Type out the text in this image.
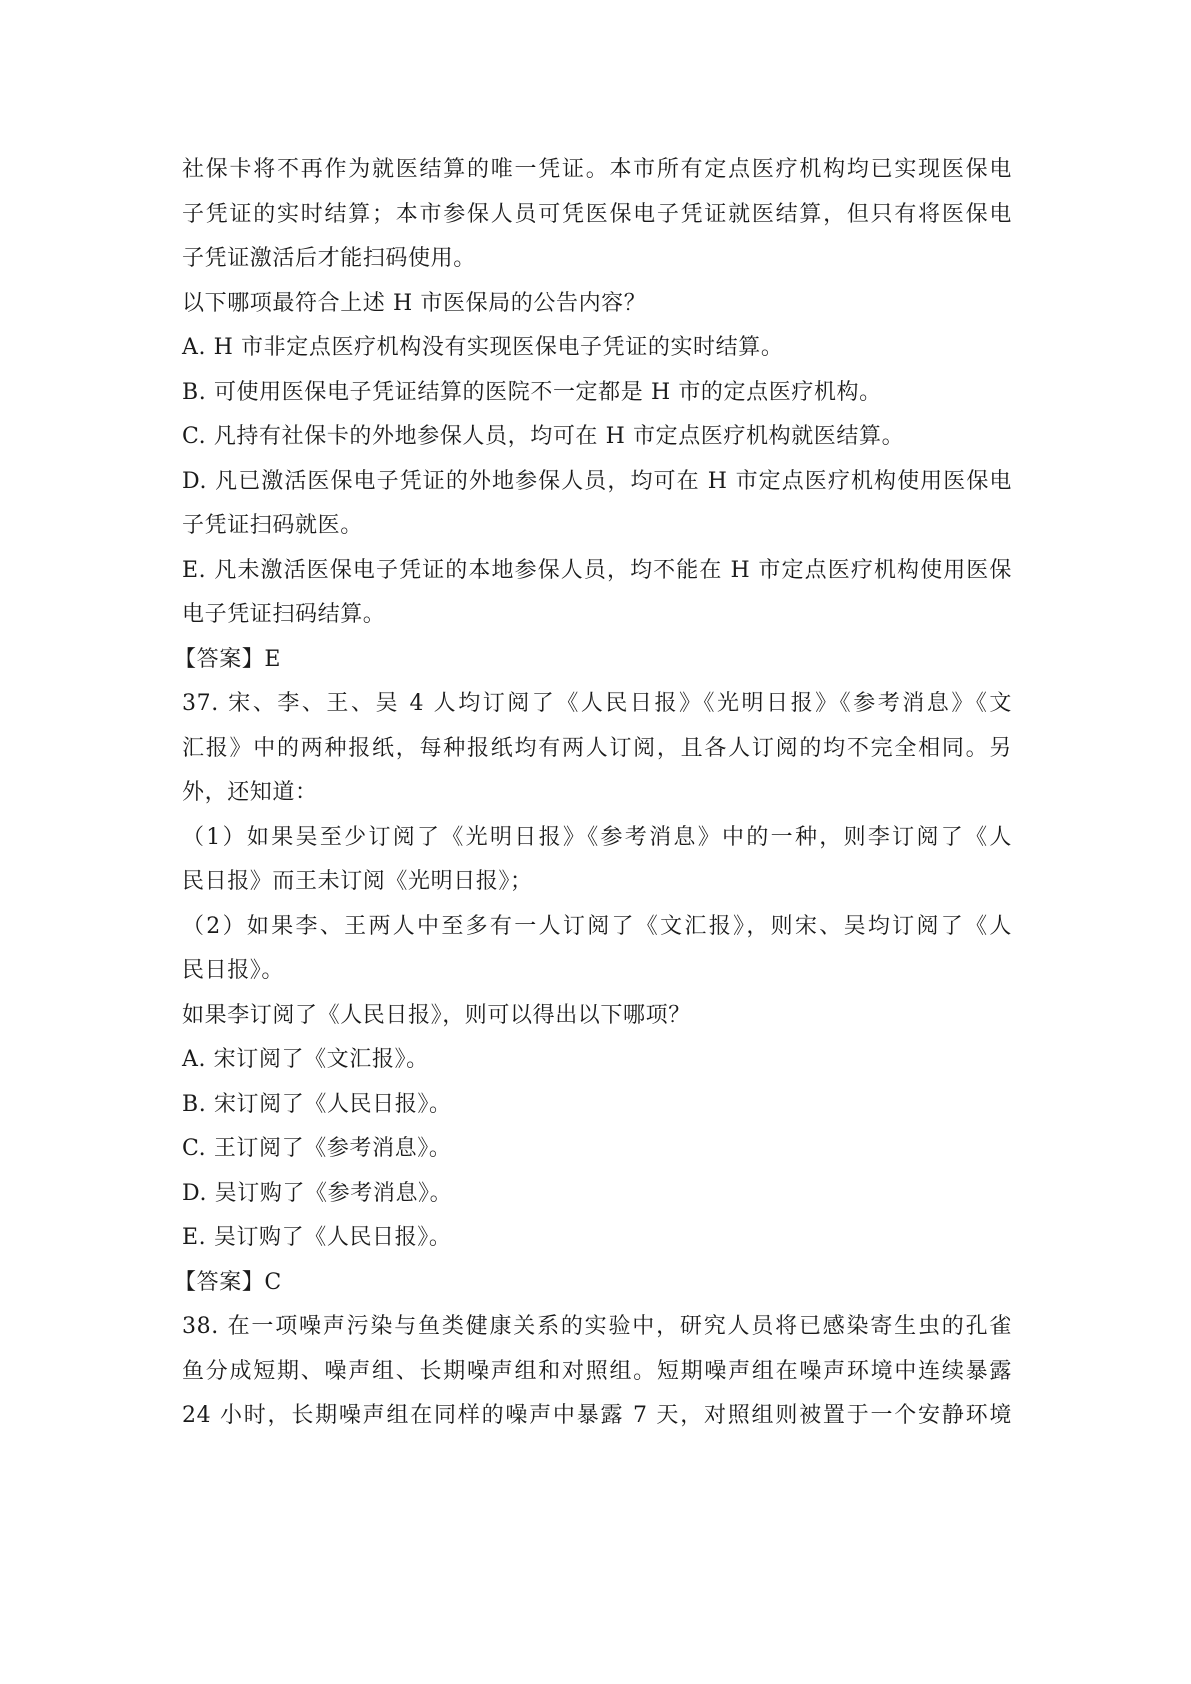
社保卡将不再作为就医结算的唯一凭证。本市所有定点医疗机构均已实现医保电
子凭证的实时结算；本市参保人员可凭医保电子凭证就医结算，但只有将医保电
子凭证激活后才能扫码使用。
以下哪项最符合上述 H 市医保局的公告内容？
A. H 市非定点医疗机构没有实现医保电子凭证的实时结算。
B. 可使用医保电子凭证结算的医院不一定都是 H 市的定点医疗机构。
C. 凡持有社保卡的外地参保人员，均可在 H 市定点医疗机构就医结算。
D. 凡已激活医保电子凭证的外地参保人员，均可在 H 市定点医疗机构使用医保电
子凭证扫码就医。
E. 凡未激活医保电子凭证的本地参保人员，均不能在 H 市定点医疗机构使用医保
电子凭证扫码结算。
【答案】E
37. 宋、李、王、吴 4 人均订阅了《人民日报》《光明日报》《参考消息》《文
汇报》中的两种报纸，每种报纸均有两人订阅，且各人订阅的均不完全相同。另
外，还知道：
（1）如果吴至少订阅了《光明日报》《参考消息》中的一种，则李订阅了《人
民日报》而王未订阅《光明日报》；
（2）如果李、王两人中至多有一人订阅了《文汇报》，则宋、吴均订阅了《人
民日报》。
如果李订阅了《人民日报》，则可以得出以下哪项？
A. 宋订阅了《文汇报》。
B. 宋订阅了《人民日报》。
C. 王订阅了《参考消息》。
D. 吴订购了《参考消息》。
E. 吴订购了《人民日报》。
【答案】C
38. 在一项噪声污染与鱼类健康关系的实验中，研究人员将已感染寄生虫的孔雀
鱼分成短期、噪声组、长期噪声组和对照组。短期噪声组在噪声环境中连续暴露
24 小时，长期噪声组在同样的噪声中暴露 7 天，对照组则被置于一个安静环境
